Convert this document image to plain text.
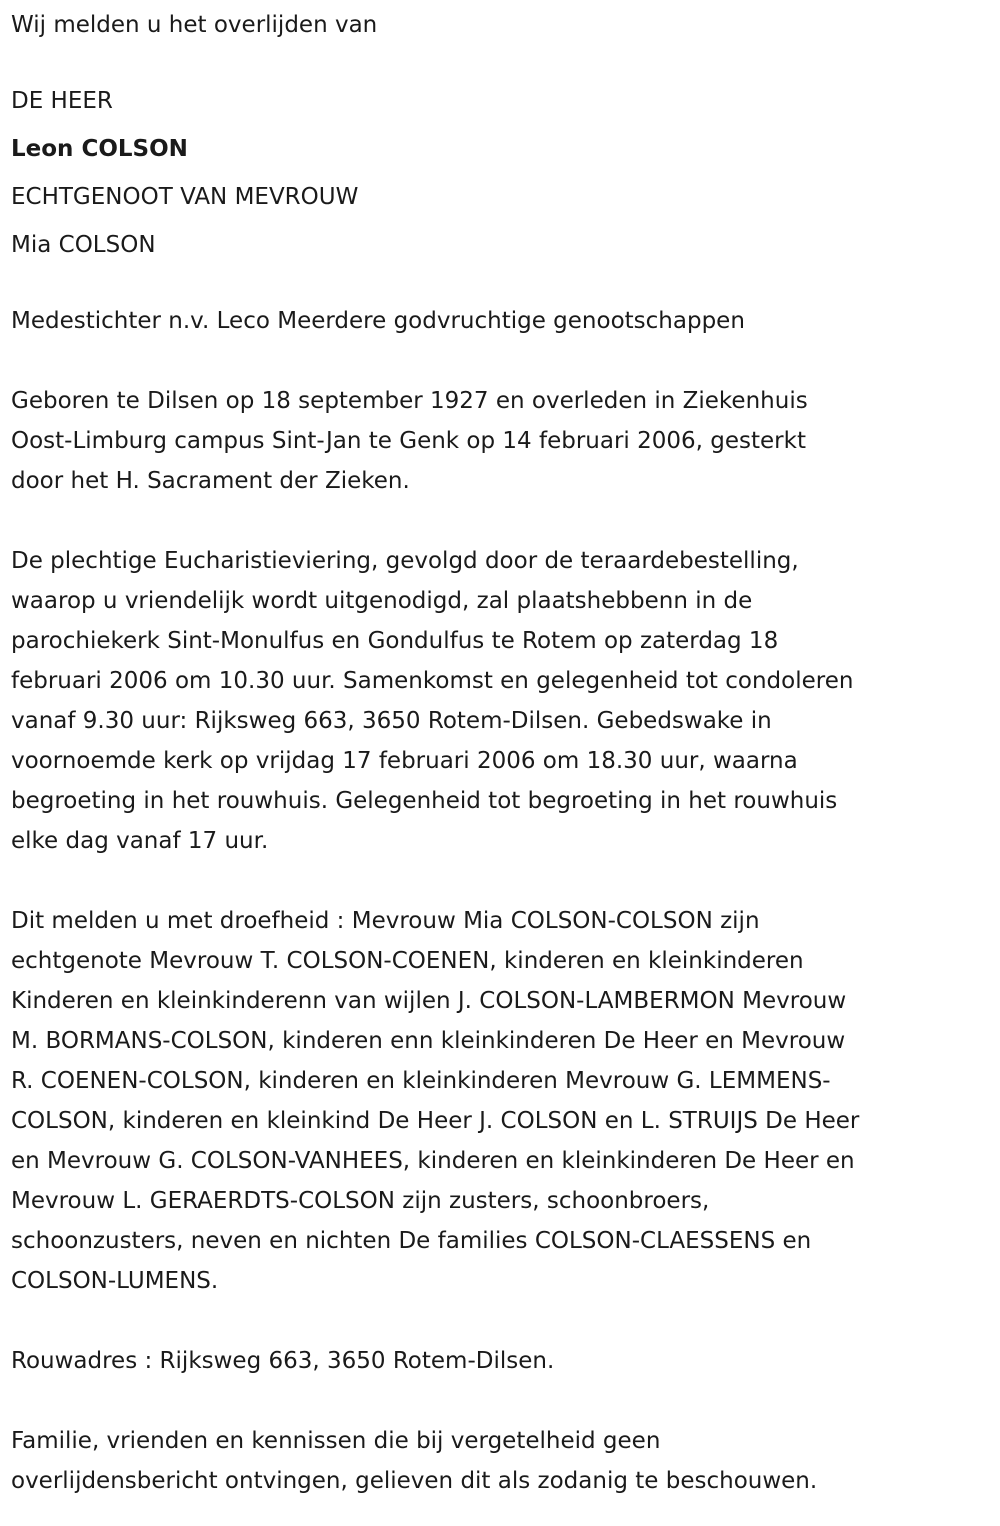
Wij melden u het overlijden van
DE HEER
Leon COLSON
ECHTGENOOT VAN MEVROUW
Mia COLSON
Medestichter n.v. Leco Meerdere godvruchtige genootschappen
Geboren te Dilsen op 18 september 1927 en overleden in Ziekenhuis
Oost-Limburg campus Sint-Jan te Genk op 14 februari 2006, gesterkt
door het H. Sacrament der Zieken.
De plechtige Eucharistieviering, gevolgd door de teraardebestelling,
waarop u vriendelijk wordt uitgenodigd, zal plaatshebbenn in de
parochiekerk Sint-Monulfus en Gondulfus te Rotem op zaterdag 18
februari 2006 om 10.30 uur. Samenkomst en gelegenheid tot condoleren
vanaf 9.30 uur: Rijksweg 663, 3650 Rotem-Dilsen. Gebedswake in
voornoemde kerk op vrijdag 17 februari 2006 om 18.30 uur, waarna
begroeting in het rouwhuis. Gelegenheid tot begroeting in het rouwhuis
elke dag vanaf 17 uur.
Dit melden u met droefheid : Mevrouw Mia COLSON-COLSON zijn
echtgenote Mevrouw T. COLSON-COENEN, kinderen en kleinkinderen
Kinderen en kleinkinderenn van wijlen J. COLSON-LAMBERMON Mevrouw
M. BORMANS-COLSON, kinderen enn kleinkinderen De Heer en Mevrouw
R. COENEN-COLSON, kinderen en kleinkinderen Mevrouw G. LEMMENS-
COLSON, kinderen en kleinkind De Heer J. COLSON en L. STRUIJS De Heer
en Mevrouw G. COLSON-VANHEES, kinderen en kleinkinderen De Heer en
Mevrouw L. GERAERDTS-COLSON zijn zusters, schoonbroers,
schoonzusters, neven en nichten De families COLSON-CLAESSENS en
COLSON-LUMENS.
Rouwadres : Rijksweg 663, 3650 Rotem-Dilsen.
Familie, vrienden en kennissen die bij vergetelheid geen
overlijdensbericht ontvingen, gelieven dit als zodanig te beschouwen.
